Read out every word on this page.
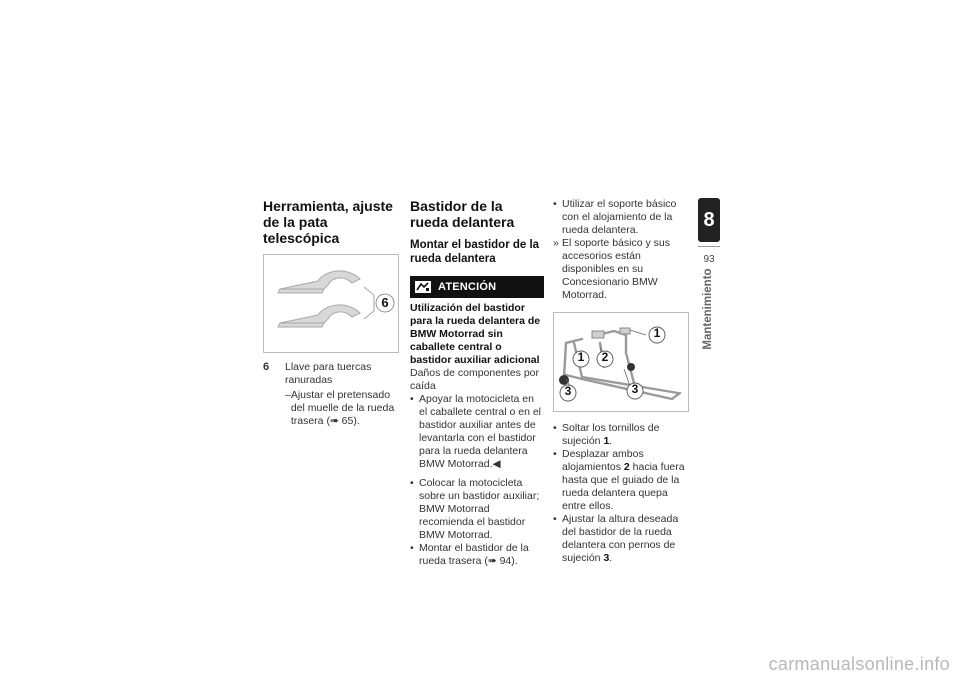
Herramienta, ajuste de la pata telescópica
6
6	Llave para tuercas ranuradas
– Ajustar el pretensado del muelle de la rueda trasera (➠ 65).
Bastidor de la rueda delantera
Montar el bastidor de la rueda delantera
ATENCIÓN
Utilización del bastidor para la rueda delantera de BMW Motorrad sin caballete central o bastidor auxiliar adicional
Daños de componentes por caída
• Apoyar la motocicleta en el caballete central o en el bastidor auxiliar antes de levantarla con el bastidor para la rueda delantera BMW Motorrad.◀
• Colocar la motocicleta sobre un bastidor auxiliar; BMW Motorrad recomienda el bastidor BMW Motorrad.
• Montar el bastidor de la rueda trasera (➠ 94).
• Utilizar el soporte básico con el alojamiento de la rueda delantera.
» El soporte básico y sus accesorios están disponibles en su Concesionario BMW Motorrad.
1
1	2
3	3
• Soltar los tornillos de sujeción 1.
• Desplazar ambos alojamientos 2 hacia fuera hasta que el guiado de la rueda delantera quepa entre ellos.
• Ajustar la altura deseada del bastidor de la rueda delantera con pernos de sujeción 3.
8
93
Mantenimiento
carmanualsonline.info
